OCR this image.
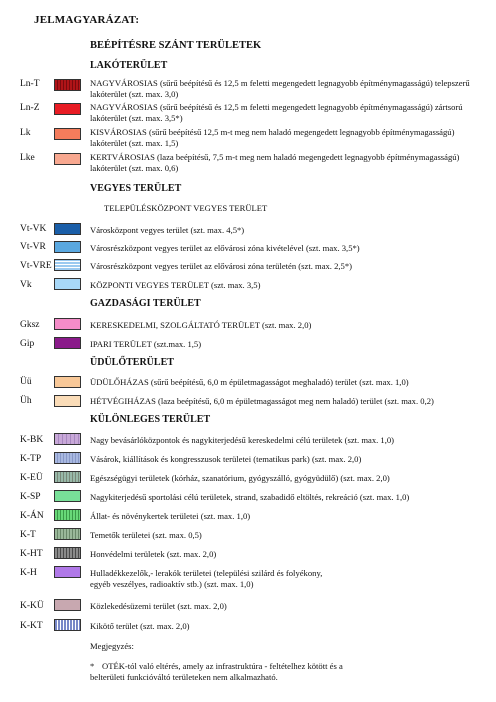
JELMAGYARÁZAT:
BEÉPÍTÉSRE SZÁNT TERÜLETEK
LAKÓTERÜLET
Ln-T	NAGYVÁROSIAS (sűrű beépítésű és 12,5 m feletti megengedett legnagyobb építménymagasságú) telepszerű lakóterület (szt. max. 3,0)
Ln-Z	NAGYVÁROSIAS (sűrű beépítésű és 12,5 m feletti megengedett legnagyobb építménymagasságú) zártsorú lakóterület (szt. max. 3,5*)
Lk	KISVÁROSIAS (sűrű beépítésű 12,5 m-t meg nem haladó megengedett legnagyobb építménymagasságú) lakóterület (szt. max. 1,5)
Lke	KERTVÁROSIAS (laza beépítésű, 7,5 m-t meg nem haladó megengedett legnagyobb építménymagasságú) lakóterület (szt. max. 0,6)
VEGYES TERÜLET
TELEPÜLÉSKÖZPONT VEGYES TERÜLET
Vt-VK	Városközpont vegyes terület (szt. max. 4,5*)
Vt-VR	Városrészközpont vegyes terület az elővárosi zóna kivételével (szt. max. 3,5*)
Vt-VRE	Városrészközpont vegyes terület az elővárosi zóna területén (szt. max. 2,5*)
Vk	KÖZPONTI VEGYES TERÜLET (szt. max. 3,5)
GAZDASÁGI TERÜLET
Gksz	KERESKEDELMI, SZOLGÁLTATÓ TERÜLET (szt. max. 2,0)
Gip	IPARI TERÜLET (szt.max. 1,5)
ÜDÜLŐTERÜLET
Üü	ÜDÜLŐHÁZAS (sűrű beépítésű, 6,0 m épületmagasságot meghaladó) terület (szt. max. 1,0)
Üh	HÉTVÉGIHÁZAS (laza beépítésű, 6,0 m épületmagasságot meg nem haladó) terület (szt. max. 0,2)
KÜLÖNLEGES TERÜLET
K-BK	Nagy bevásárlóközpontok és nagykiterjedésű kereskedelmi célú területek (szt. max. 1,0)
K-TP	Vásárok, kiállítások és kongresszusok területei (tematikus park) (szt. max. 2,0)
K-EÜ	Egészségügyi területek (kórház, szanatórium, gyógyszálló, gyógyüdülő) (szt. max. 2,0)
K-SP	Nagykiterjedésű sportolási célú területek, strand, szabadidő eltöltés, rekreáció (szt. max. 1,0)
K-ÁN	Állat- és növénykertek területei (szt. max. 1,0)
K-T	Temetők területei (szt. max. 0,5)
K-HT	Honvédelmi területek (szt. max. 2,0)
K-H	Hulladékkezelők,- lerakók területei (települési szilárd és folyékony, egyéb veszélyes, radioaktív stb.) (szt. max. 1,0)
K-KÜ	Közlekedésüzemi terület (szt. max. 2,0)
K-KT	Kikötő terület (szt. max. 2,0)
Megjegyzés:
* OTÉK-tól való eltérés, amely az infrastruktúra - feltételhez kötött és a belterületi funkcióváltó területeken nem alkalmazható.
